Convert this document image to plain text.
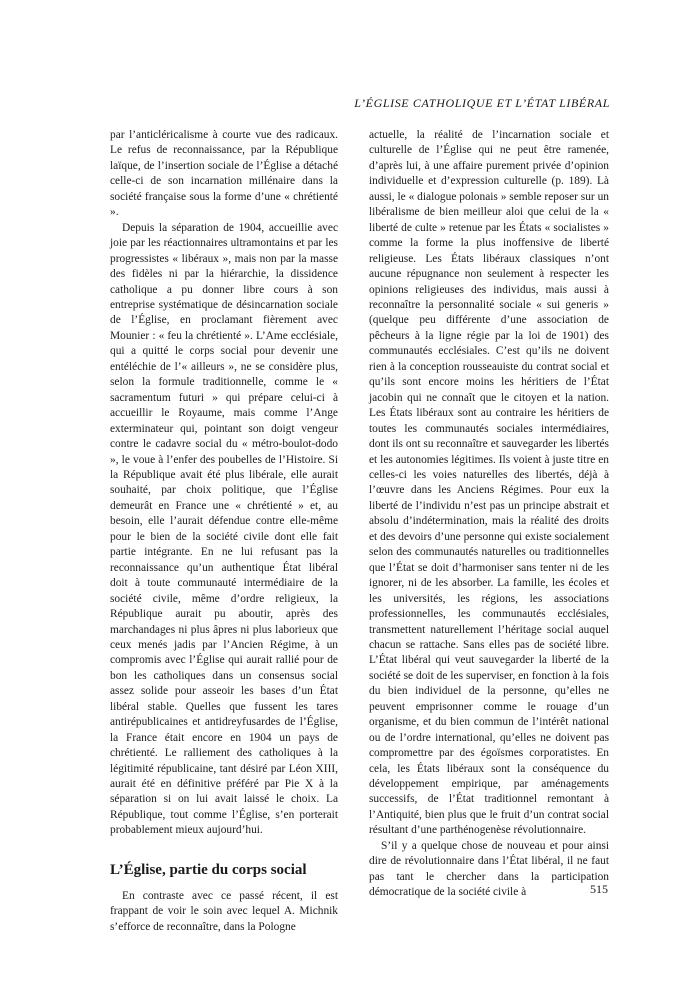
L’ÉGLISE CATHOLIQUE ET L’ÉTAT LIBÉRAL

par l’anticléricalisme à courte vue des radicaux. Le refus de reconnaissance, par la République laïque, de l’insertion sociale de l’Église a détaché celle-ci de son incarnation millénaire dans la société française sous la forme d’une « chrétienté ».

Depuis la séparation de 1904, accueillie avec joie par les réactionnaires ultramontains et par les progressistes « libéraux », mais non par la masse des fidèles ni par la hiérarchie, la dissidence catholique a pu donner libre cours à son entreprise systématique de désincarnation sociale de l’Église, en proclamant fièrement avec Mounier : « feu la chrétienté ». L’Ame ecclésiale, qui a quitté le corps social pour devenir une entéléchie de l’« ailleurs », ne se considère plus, selon la formule traditionnelle, comme le « sacramentum futuri » qui prépare celui-ci à accueillir le Royaume, mais comme l’Ange exterminateur qui, pointant son doigt vengeur contre le cadavre social du « métro-boulot-dodo », le voue à l’enfer des poubelles de l’Histoire. Si la République avait été plus libérale, elle aurait souhaité, par choix politique, que l’Église demeurât en France une « chrétienté » et, au besoin, elle l’aurait défendue contre elle-même pour le bien de la société civile dont elle fait partie intégrante. En ne lui refusant pas la reconnaissance qu’un authentique État libéral doit à toute communauté intermédiaire de la société civile, même d’ordre religieux, la République aurait pu aboutir, après des marchandages ni plus âpres ni plus laborieux que ceux menés jadis par l’Ancien Régime, à un compromis avec l’Église qui aurait rallié pour de bon les catholiques dans un consensus social assez solide pour asseoir les bases d’un État libéral stable. Quelles que fussent les tares antirépublicaines et antidreyfusardes de l’Église, la France était encore en 1904 un pays de chrétienté. Le ralliement des catholiques à la légitimité républicaine, tant désiré par Léon XIII, aurait été en définitive préféré par Pie X à la séparation si on lui avait laissé le choix. La République, tout comme l’Église, s’en porterait probablement mieux aujourd’hui.

L’Église, partie du corps social

En contraste avec ce passé récent, il est frappant de voir le soin avec lequel A. Michnik s’efforce de reconnaître, dans la Pologne

actuelle, la réalité de l’incarnation sociale et culturelle de l’Église qui ne peut être ramenée, d’après lui, à une affaire purement privée d’opinion individuelle et d’expression culturelle (p. 189). Là aussi, le « dialogue polonais » semble reposer sur un libéralisme de bien meilleur aloi que celui de la « liberté de culte » retenue par les États « socialistes » comme la forme la plus inoffensive de liberté religieuse. Les États libéraux classiques n’ont aucune répugnance non seulement à respecter les opinions religieuses des individus, mais aussi à reconnaître la personnalité sociale « sui generis » (quelque peu différente d’une association de pêcheurs à la ligne régie par la loi de 1901) des communautés ecclésiales. C’est qu’ils ne doivent rien à la conception rousseauiste du contrat social et qu’ils sont encore moins les héritiers de l’État jacobin qui ne connaît que le citoyen et la nation. Les États libéraux sont au contraire les héritiers de toutes les communautés sociales intermédiaires, dont ils ont su reconnaître et sauvegarder les libertés et les autonomies légitimes. Ils voient à juste titre en celles-ci les voies naturelles des libertés, déjà à l’œuvre dans les Anciens Régimes. Pour eux la liberté de l’individu n’est pas un principe abstrait et absolu d’indétermination, mais la réalité des droits et des devoirs d’une personne qui existe socialement selon des communautés naturelles ou traditionnelles que l’État se doit d’harmoniser sans tenter ni de les ignorer, ni de les absorber. La famille, les écoles et les universités, les régions, les associations professionnelles, les communautés ecclésiales, transmettent naturellement l’héritage social auquel chacun se rattache. Sans elles pas de société libre. L’État libéral qui veut sauvegarder la liberté de la société se doit de les superviser, en fonction à la fois du bien individuel de la personne, qu’elles ne peuvent emprisonner comme le rouage d’un organisme, et du bien commun de l’intérêt national ou de l’ordre international, qu’elles ne doivent pas compromettre par des égoïsmes corporatistes. En cela, les États libéraux sont la conséquence du développement empirique, par aménagements successifs, de l’État traditionnel remontant à l’Antiquité, bien plus que le fruit d’un contrat social résultant d’une parthénogenèse révolutionnaire.

S’il y a quelque chose de nouveau et pour ainsi dire de révolutionnaire dans l’État libéral, il ne faut pas tant le chercher dans la participation démocratique de la société civile à	515
